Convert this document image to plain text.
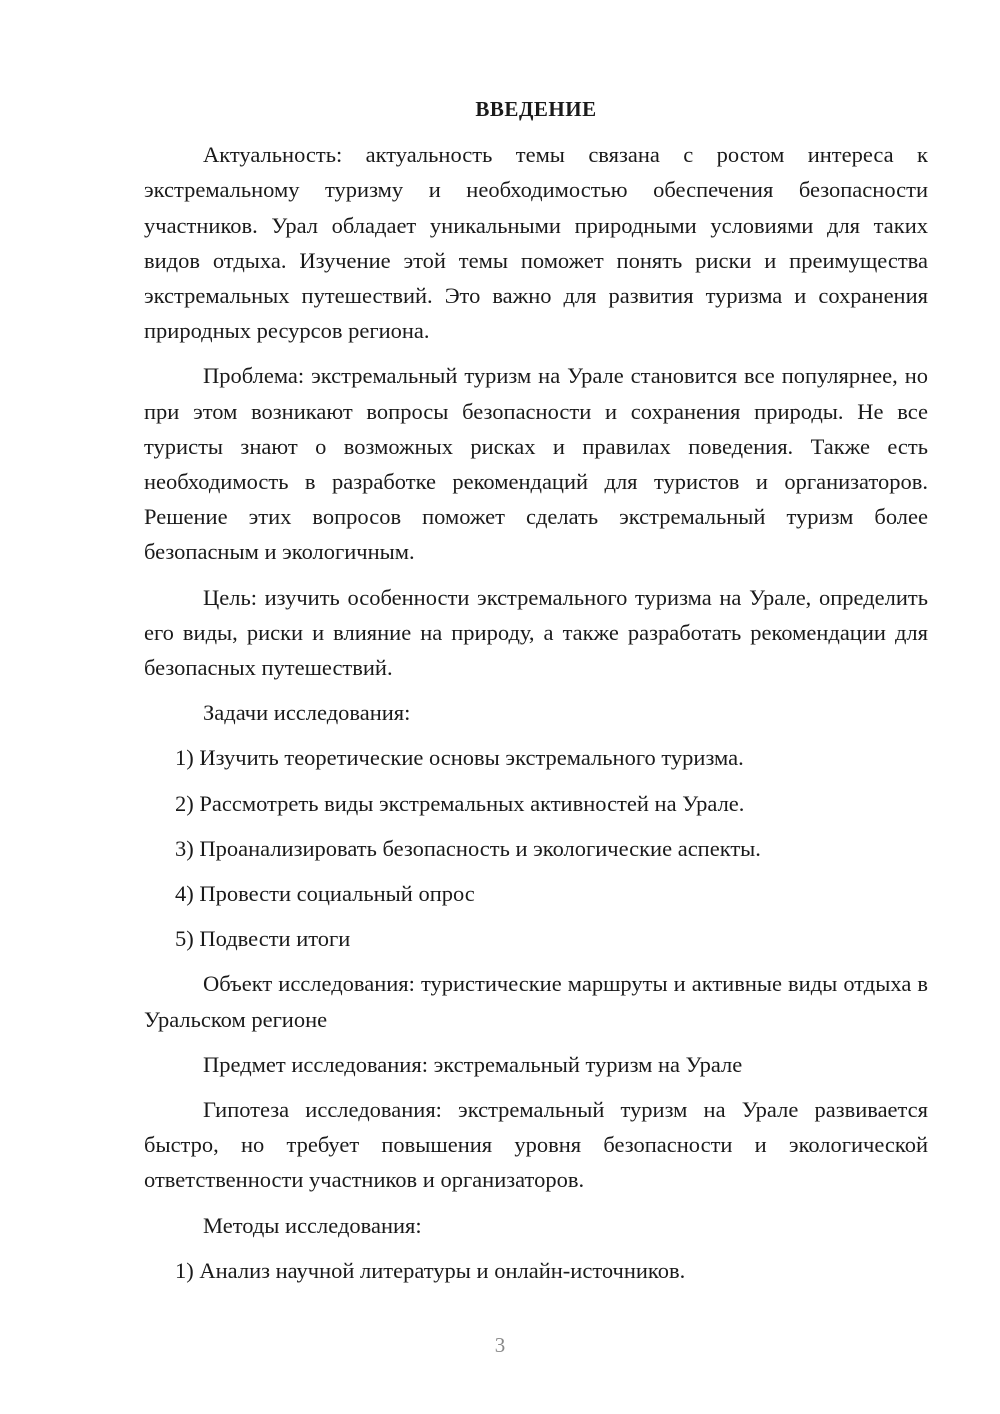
ВВЕДЕНИЕ

Актуальность: актуальность темы связана с ростом интереса к экстремальному туризму и необходимостью обеспечения безопасности участников. Урал обладает уникальными природными условиями для таких видов отдыха. Изучение этой темы поможет понять риски и преимущества экстремальных путешествий. Это важно для развития туризма и сохранения природных ресурсов региона.

Проблема: экстремальный туризм на Урале становится все популярнее, но при этом возникают вопросы безопасности и сохранения природы. Не все туристы знают о возможных рисках и правилах поведения. Также есть необходимость в разработке рекомендаций для туристов и организаторов. Решение этих вопросов поможет сделать экстремальный туризм более безопасным и экологичным.

Цель: изучить особенности экстремального туризма на Урале, определить его виды, риски и влияние на природу, а также разработать рекомендации для безопасных путешествий.

Задачи исследования:

1) Изучить теоретические основы экстремального туризма.

2) Рассмотреть виды экстремальных активностей на Урале.

3) Проанализировать безопасность и экологические аспекты.

4) Провести социальный опрос

5) Подвести итоги

Объект исследования: туристические маршруты и активные виды отдыха в Уральском регионе

Предмет исследования: экстремальный туризм на Урале

Гипотеза исследования: экстремальный туризм на Урале развивается быстро, но требует повышения уровня безопасности и экологической ответственности участников и организаторов.

Методы исследования:

1) Анализ научной литературы и онлайн-источников.

3
